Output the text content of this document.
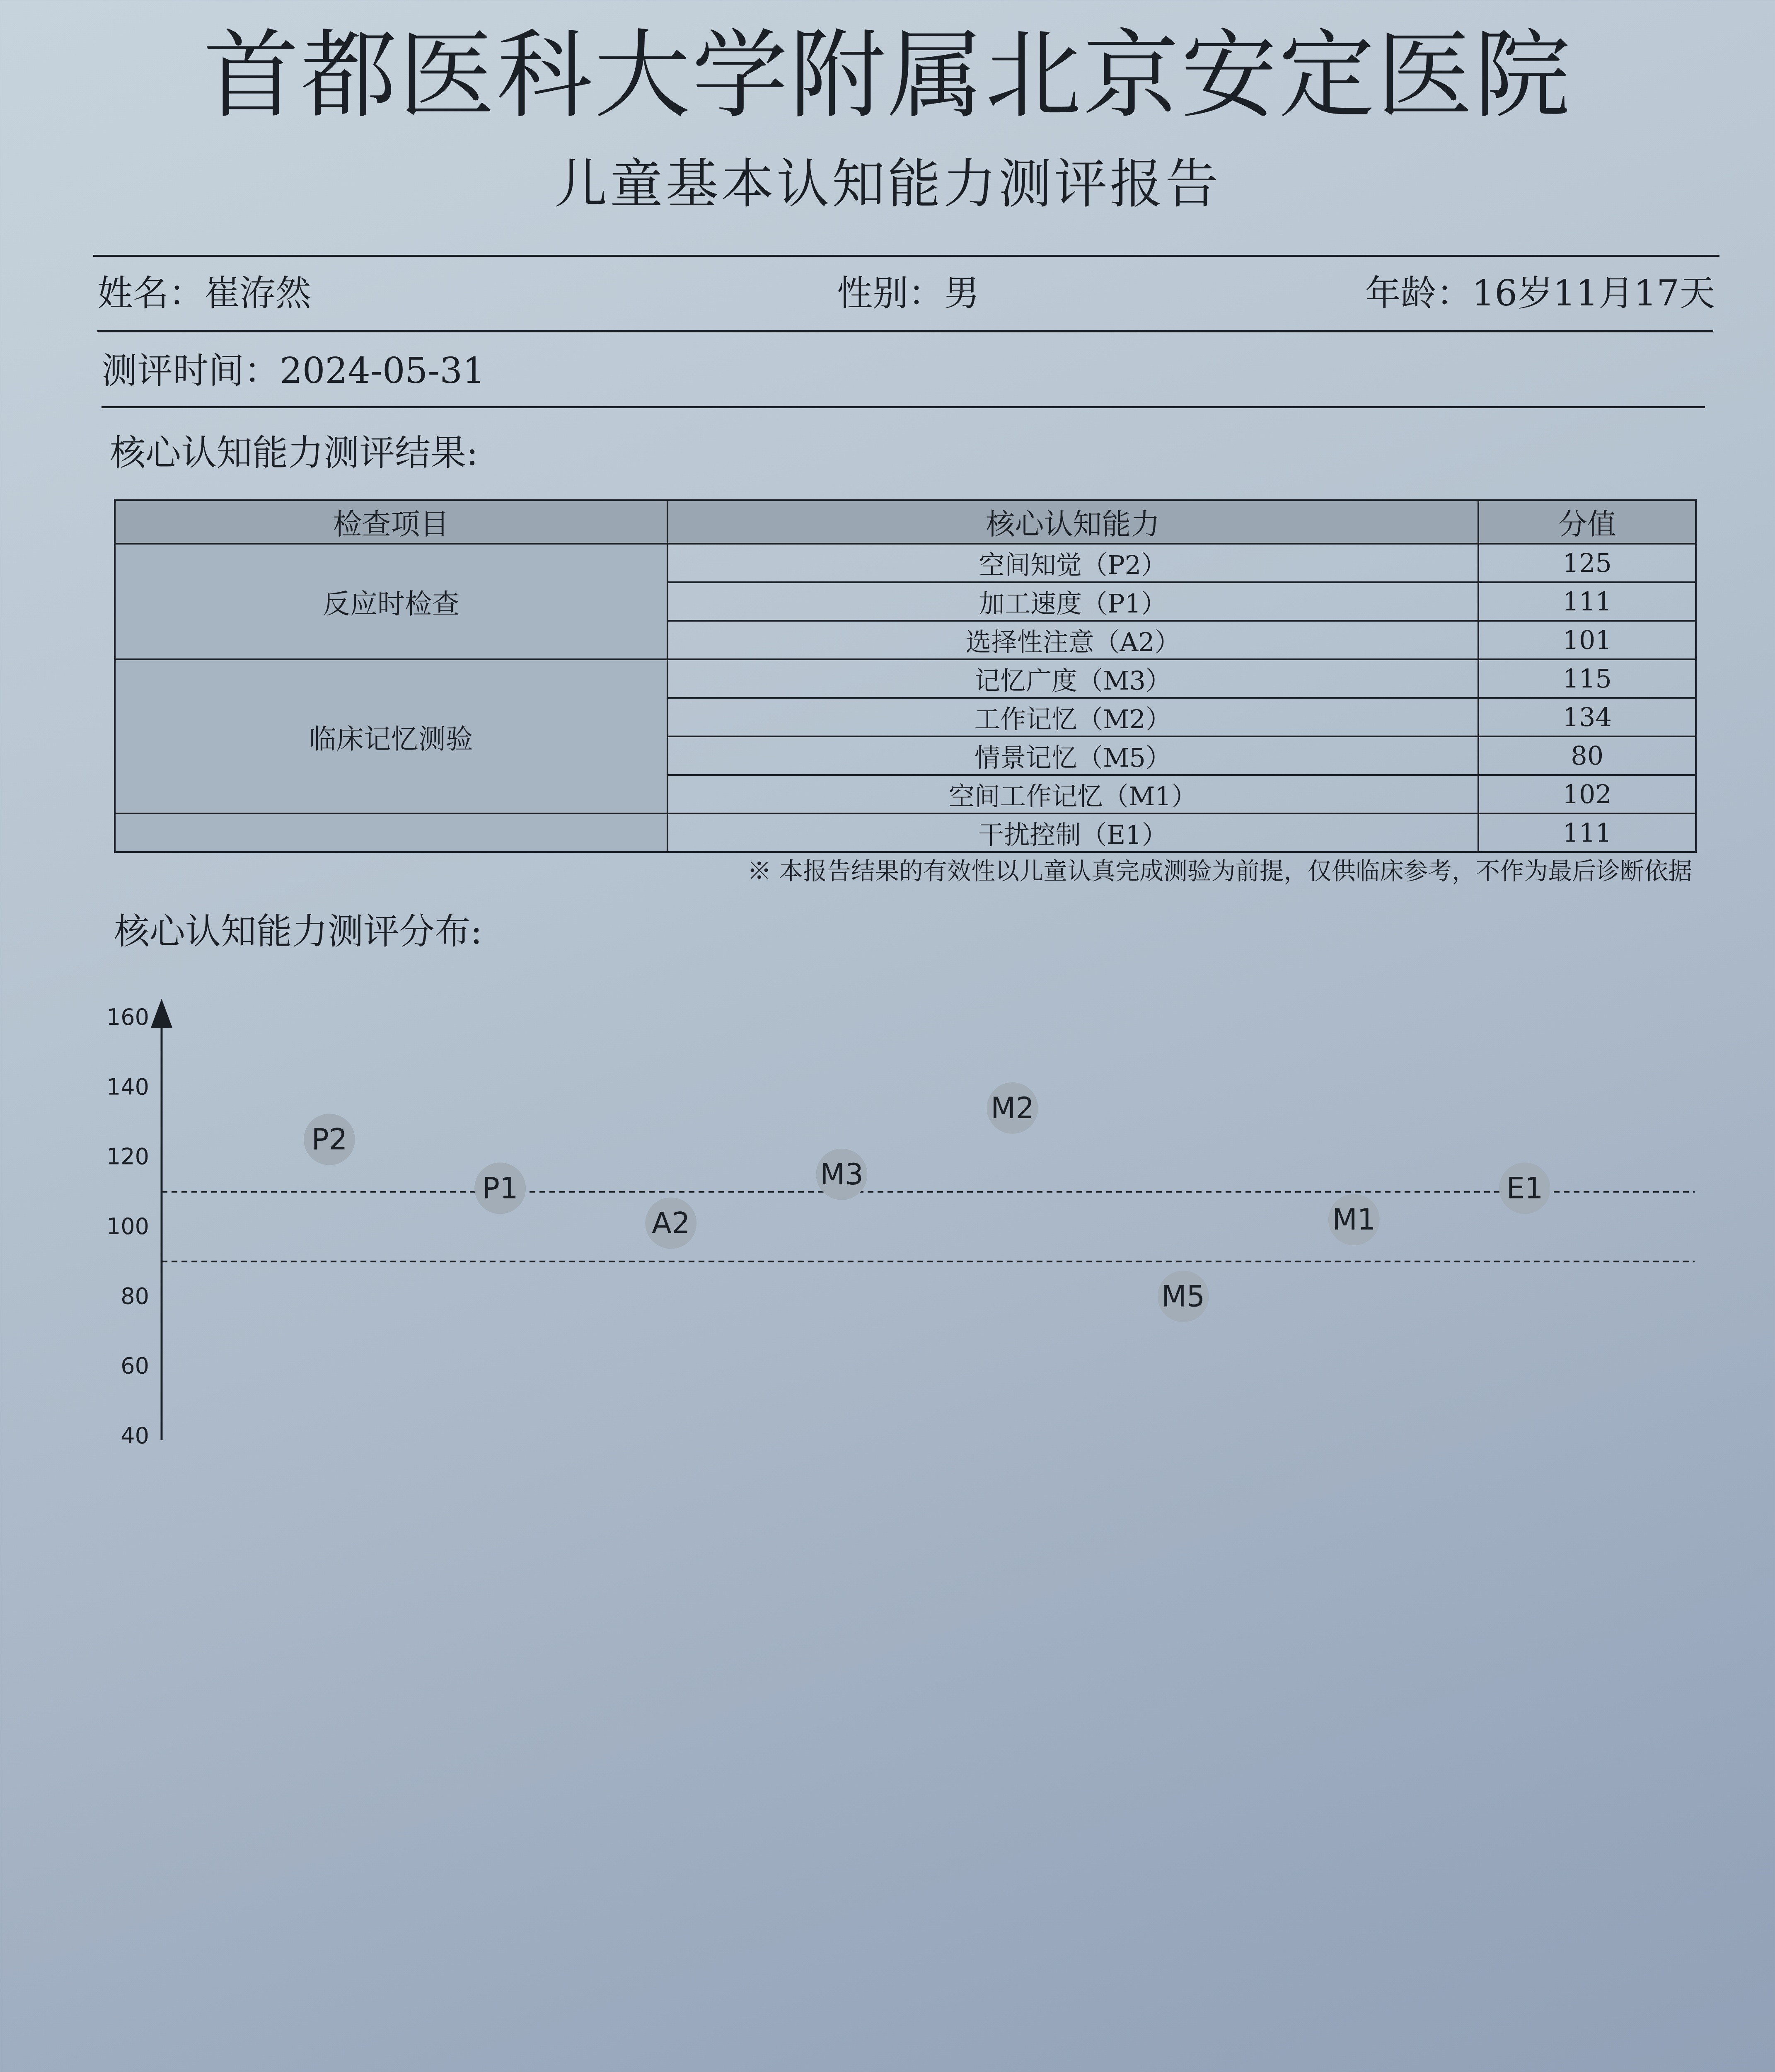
首都医科大学附属北京安定医院
儿童基本认知能力测评报告
姓名：崔洊然	性别：男	年龄：16岁11月17天
测评时间：2024-05-31
核心认知能力测评结果:
检查项目	核心认知能力	分值
反应时检查	空间知觉（P2）	125
	加工速度（P1）	111
	选择性注意（A2）	101
临床记忆测验	记忆广度（M3）	115
	工作记忆（M2）	134
	情景记忆（M5）	80
	空间工作记忆（M1）	102
	干扰控制（E1）	111
※ 本报告结果的有效性以儿童认真完成测验为前提，仅供临床参考，不作为最后诊断依据
核心认知能力测评分布:
40
60
80
100
120
140
160
P2
P1
A2
M3
M2
M5
M1
E1
